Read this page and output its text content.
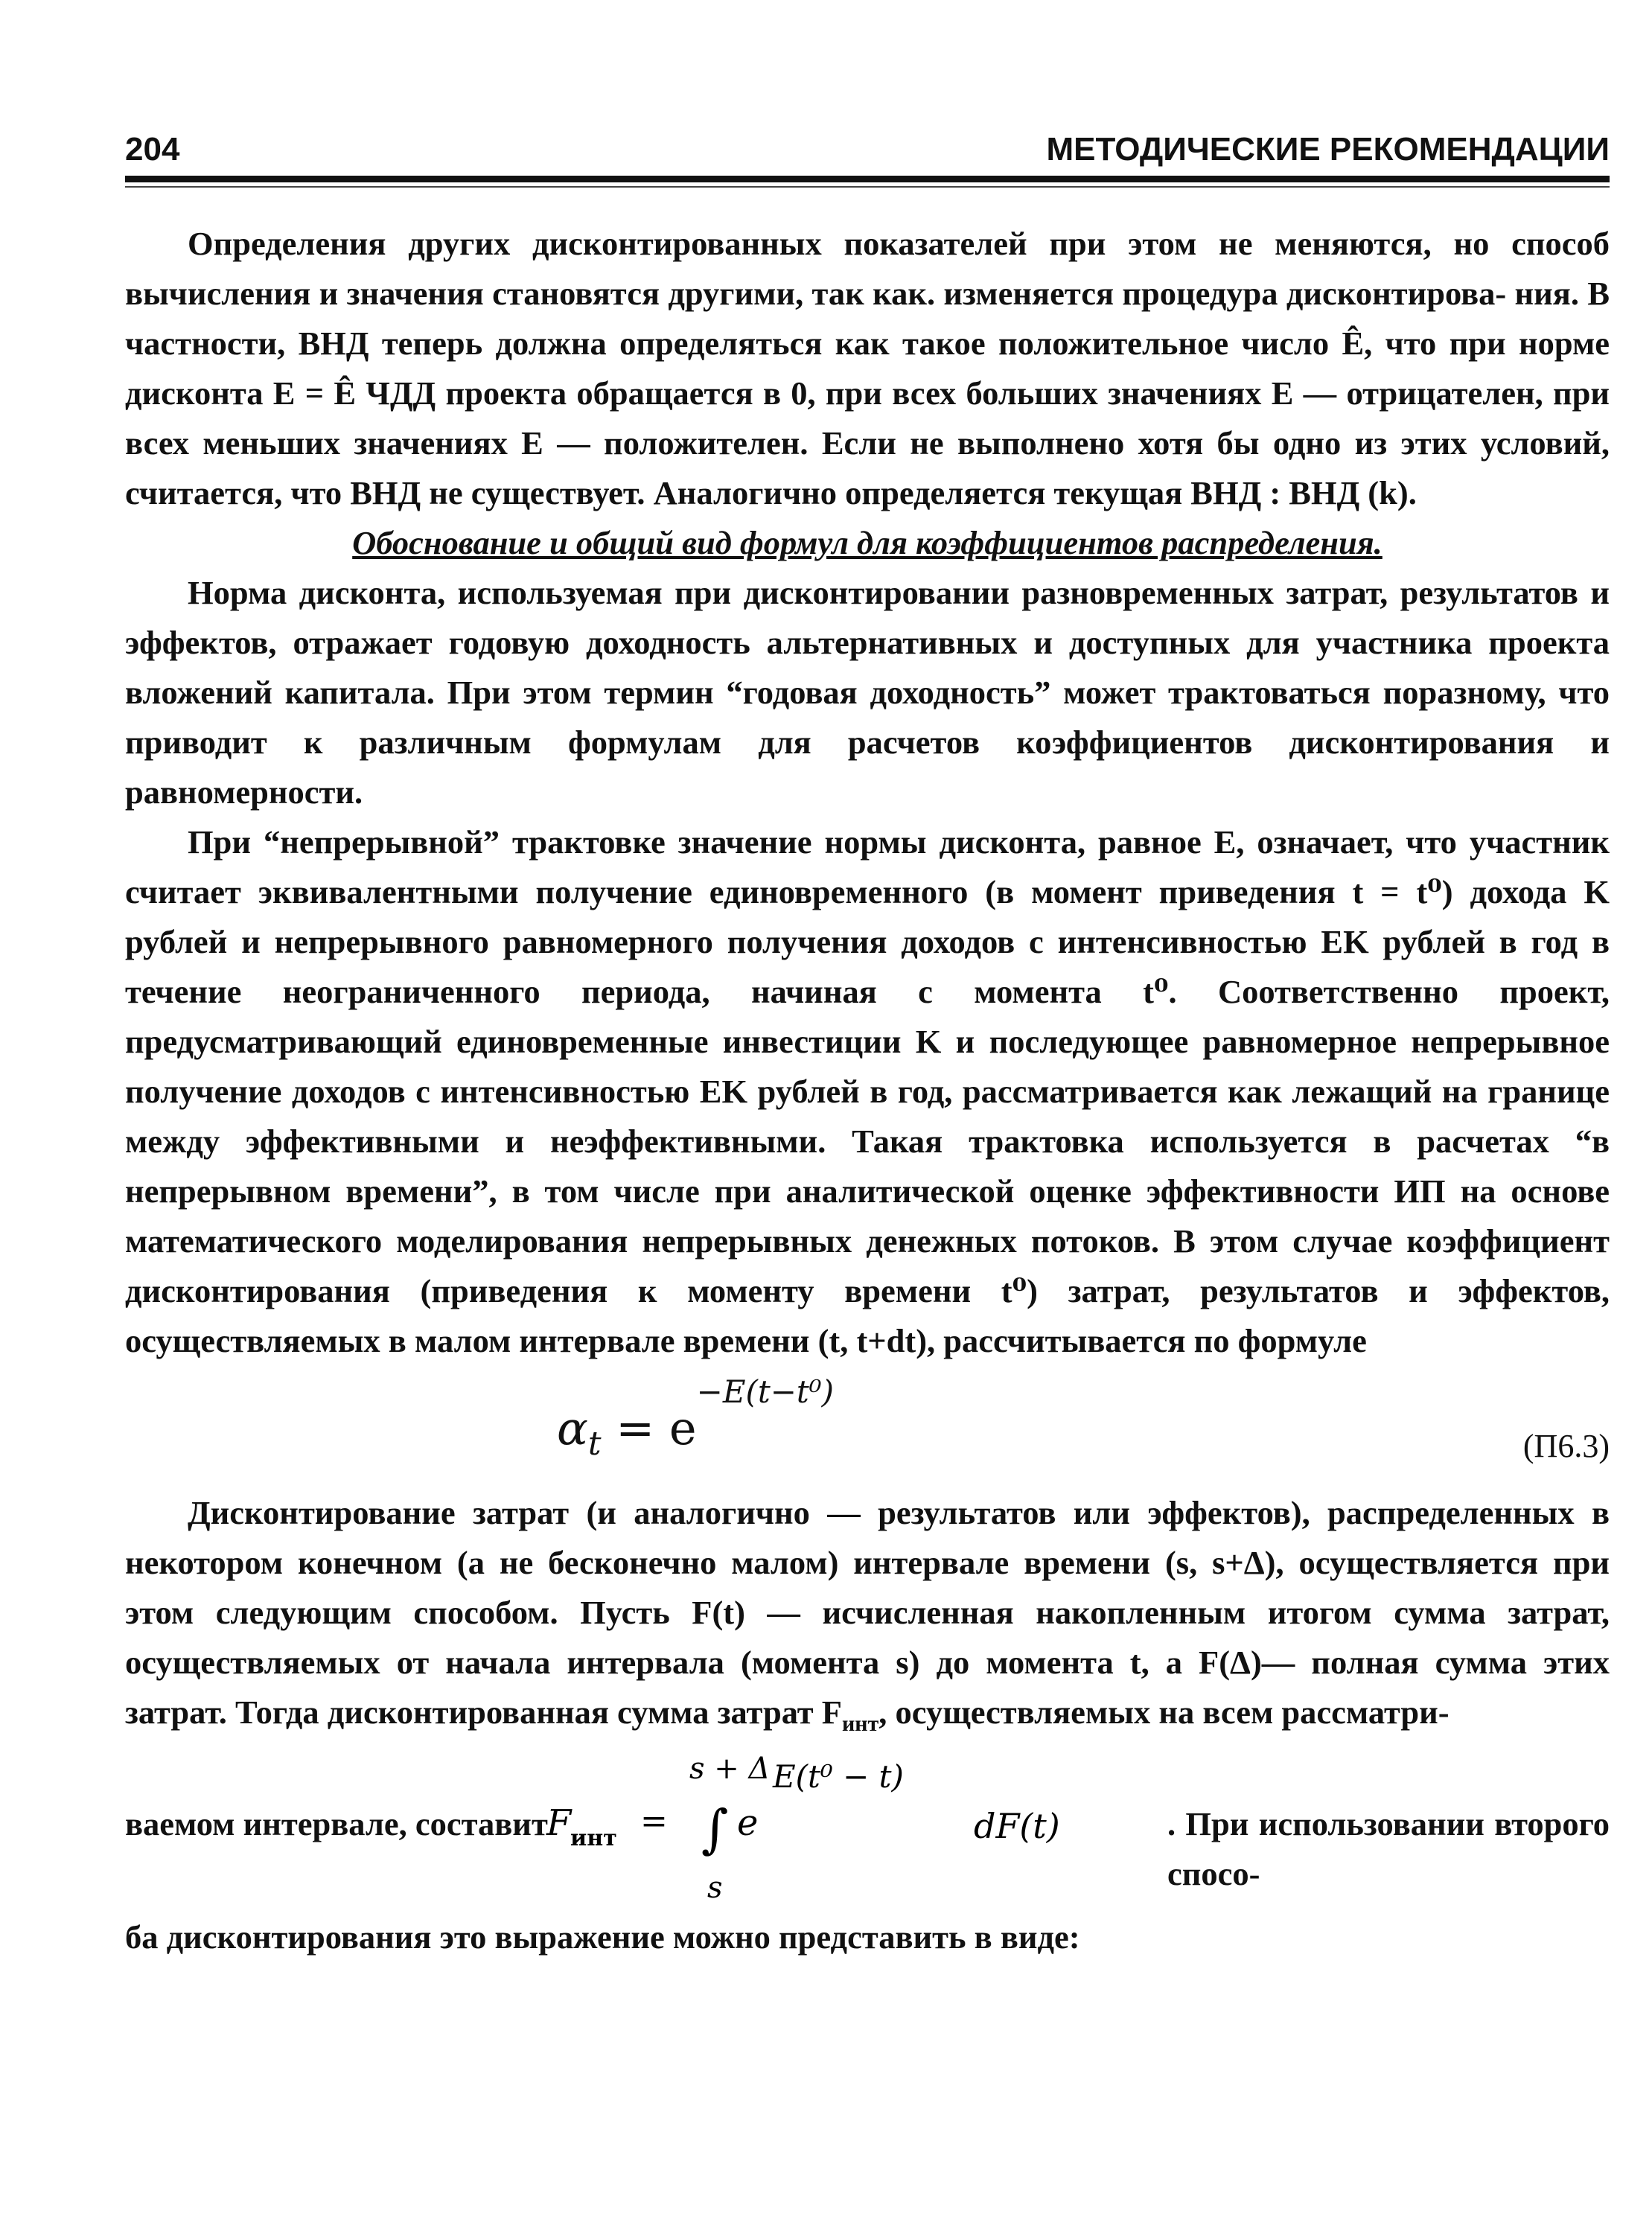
204	МЕТОДИЧЕСКИЕ РЕКОМЕНДАЦИИ

Определения других дисконтированных показателей при этом не меняются, но способ вычисления и значения становятся другими, так как. изменяется процедура дисконтирова- ния. В частности, ВНД теперь должна определяться как такое положительное число Ê, что при норме дисконта E = Ê ЧДД проекта обращается в 0, при всех больших значениях E — отрицателен, при всех меньших значениях E — положителен. Если не выполнено хотя бы одно из этих условий, считается, что ВНД не существует. Аналогично определяется текущая ВНД : ВНД (k).

Обоснование и общий вид формул для коэффициентов распределения.

Норма дисконта, используемая при дисконтировании разновременных затрат, результатов и эффектов, отражает годовую доходность альтернативных и доступных для участника проекта вложений капитала. При этом термин “годовая доходность” может трактоваться поразному, что приводит к различным формулам для расчетов коэффициентов дисконтирования и равномерности.

При “непрерывной” трактовке значение нормы дисконта, равное E, означает, что участник считает эквивалентными получение единовременного (в момент приведения t = t⁰) дохода K рублей и непрерывного равномерного получения доходов с интенсивностью EK рублей в год в течение неограниченного периода, начиная с момента t⁰. Соответственно проект, предусматривающий единовременные инвестиции K и последующее равномерное непрерывное получение доходов с интенсивностью EK рублей в год, рассматривается как лежащий на границе между эффективными и неэффективными. Такая трактовка используется в расчетах “в непрерывном времени”, в том числе при аналитической оценке эффективности ИП на основе математического моделирования непрерывных денежных потоков. В этом случае коэффициент дисконтирования (приведения к моменту времени t⁰) затрат, результатов и эффектов, осуществляемых в малом интервале времени (t, t+dt), рассчитывается по формуле

$\alpha_t = e^{-E(t-t^0)}$
(П6.3)

Дисконтирование затрат (и аналогично — результатов или эффектов), распределенных в некотором конечном (а не бесконечно малом) интервале времени (s, s+Δ), осуществляется при этом следующим способом. Пусть F(t) — исчисленная накопленным итогом сумма затрат, осуществляемых от начала интервала (момента s) до момента t, а F(Δ)— полная сумма этих затрат. Тогда дисконтированная сумма затрат $F_{инт}$, осуществляемых на всем рассматри-

ваемом интервале, составит
F
инт =
s + Δ
∫
s
e
E(t⁰ − t)
dF(t)	. При использовании второго спосо-

ба дисконтирования это выражение можно представить в виде:
